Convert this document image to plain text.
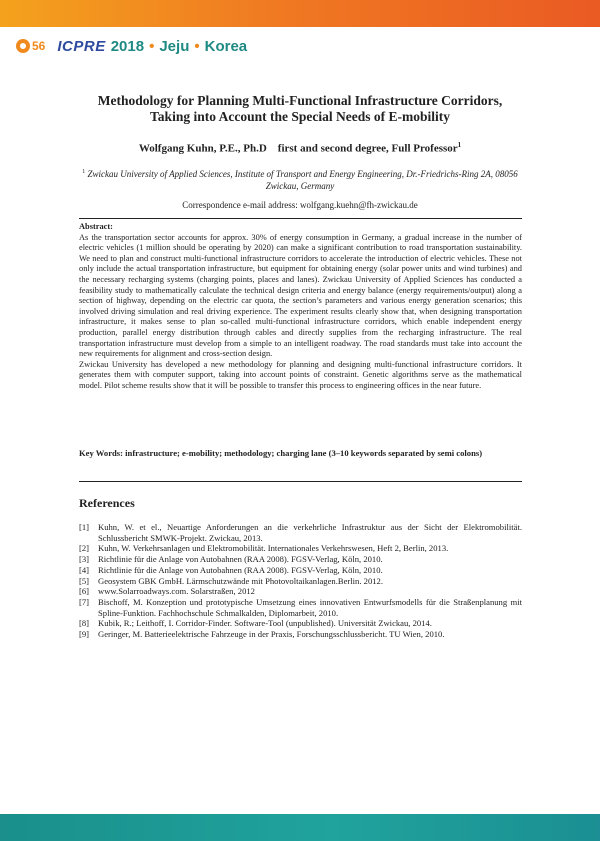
56 ICPRE 2018 • Jeju • Korea
Methodology for Planning Multi-Functional Infrastructure Corridors,
Taking into Account the Special Needs of E-mobility
Wolfgang Kuhn, P.E., Ph.D    first and second degree, Full Professor$^1$
$^1$ Zwickau University of Applied Sciences, Institute of Transport and Energy Engineering, Dr.-Friedrichs-Ring 2A, 08056 Zwickau, Germany
Correspondence e-mail address: wolfgang.kuehn@fh-zwickau.de
Abstract:

As the transportation sector accounts for approx. 30% of energy consumption in Germany, a gradual increase in the number of electric vehicles (1 million should be operating by 2020) can make a significant contribution to road transportation sustainability. We need to plan and construct multi-functional infrastructure corridors to accelerate the introduction of electric vehicles. These not only include the actual transportation infrastructure, but equipment for obtaining energy (solar power units and wind turbines) and the necessary recharging systems (charging points, places and lanes). Zwickau University of Applied Sciences has conducted a feasibility study to mathematically calculate the technical design criteria and energy balance (energy requirements/output) along a section of highway, depending on the electric car quota, the section’s parameters and various energy generation scenarios; this involved driving simulation and real driving experience. The experiment results clearly show that, when designing transportation infrastructure, it makes sense to plan so-called multi-functional infrastructure corridors, which enable independent energy production, parallel energy distribution through cables and directly supplies from the recharging infrastructure. The real transportation infrastructure must develop from a simple to an intelligent roadway. The road standards must take into account the new requirements for alignment and cross-section design.

Zwickau University has developed a new methodology for planning and designing multi-functional infrastructure corridors. It generates them with computer support, taking into account points of constraint. Genetic algorithms serve as the mathematical model. Pilot scheme results show that it will be possible to transfer this process to engineering offices in the near future.

Key Words: infrastructure; e-mobility; methodology; charging lane (3–10 keywords separated by semi colons)
References
[1]	Kuhn, W. et el., Neuartige Anforderungen an die verkehrliche Infrastruktur aus der Sicht der Elektromobilität. Schlussbericht SMWK-Projekt. Zwickau, 2013.
[2]	Kuhn, W. Verkehrsanlagen und Elektromobilität. Internationales Verkehrswesen, Heft 2, Berlin, 2013.
[3]	Richtlinie für die Anlage von Autobahnen (RAA 2008). FGSV-Verlag, Köln, 2010.
[4]	Richtlinie für die Anlage von Autobahnen (RAA 2008). FGSV-Verlag, Köln, 2010.
[5]	Geosystem GBK GmbH. Lärmschutzwände mit Photovoltaikanlagen.Berlin. 2012.
[6]	www.Solarroadways.com. Solarstraßen, 2012
[7]	Bischoff, M. Konzeption und prototypische Umsetzung eines innovativen Entwurfsmodells für die Straßenplanung mit Spline-Funktion. Fachhochschule Schmalkalden, Diplomarbeit, 2010.
[8]	Kubik, R.; Leithoff, I. Corridor-Finder. Software-Tool (unpublished). Universität Zwickau, 2014.
[9]	Geringer, M. Batterieelektrische Fahrzeuge in der Praxis, Forschungsschlussbericht. TU Wien, 2010.
